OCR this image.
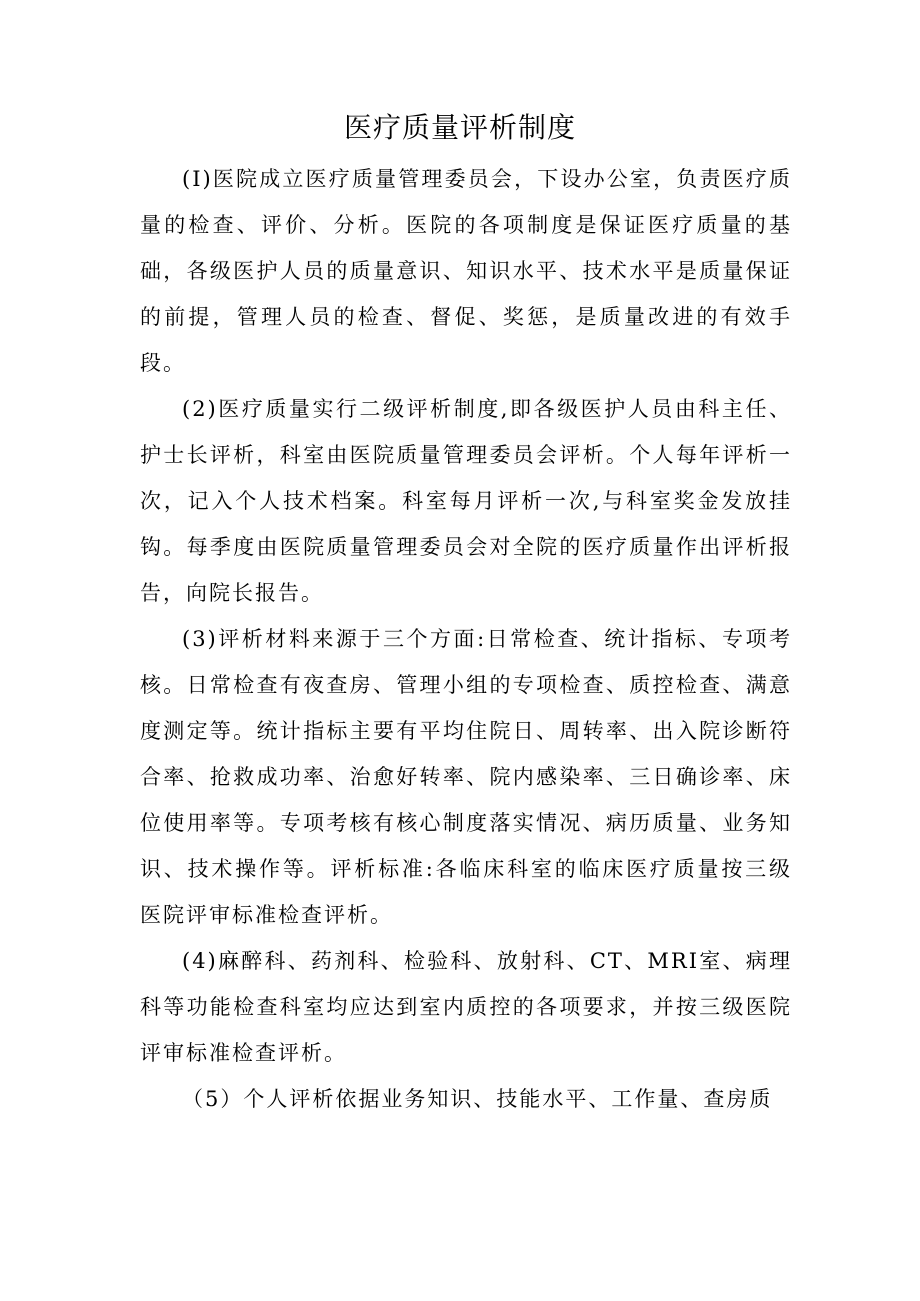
医疗质量评析制度

(I)医院成立医疗质量管理委员会，下设办公室，负责医疗质量的检查、评价、分析。医院的各项制度是保证医疗质量的基础，各级医护人员的质量意识、知识水平、技术水平是质量保证的前提，管理人员的检查、督促、奖惩，是质量改进的有效手段。

(2)医疗质量实行二级评析制度,即各级医护人员由科主任、护士长评析，科室由医院质量管理委员会评析。个人每年评析一次，记入个人技术档案。科室每月评析一次,与科室奖金发放挂钩。每季度由医院质量管理委员会对全院的医疗质量作出评析报告，向院长报告。

(3)评析材料来源于三个方面:日常检查、统计指标、专项考核。日常检查有夜查房、管理小组的专项检查、质控检查、满意度测定等。统计指标主要有平均住院日、周转率、出入院诊断符合率、抢救成功率、治愈好转率、院内感染率、三日确诊率、床位使用率等。专项考核有核心制度落实情况、病历质量、业务知识、技术操作等。评析标准:各临床科室的临床医疗质量按三级医院评审标准检查评析。

(4)麻醉科、药剂科、检验科、放射科、CT、MRI室、病理科等功能检查科室均应达到室内质控的各项要求，并按三级医院评审标准检查评析。

（5）个人评析依据业务知识、技能水平、工作量、查房质
